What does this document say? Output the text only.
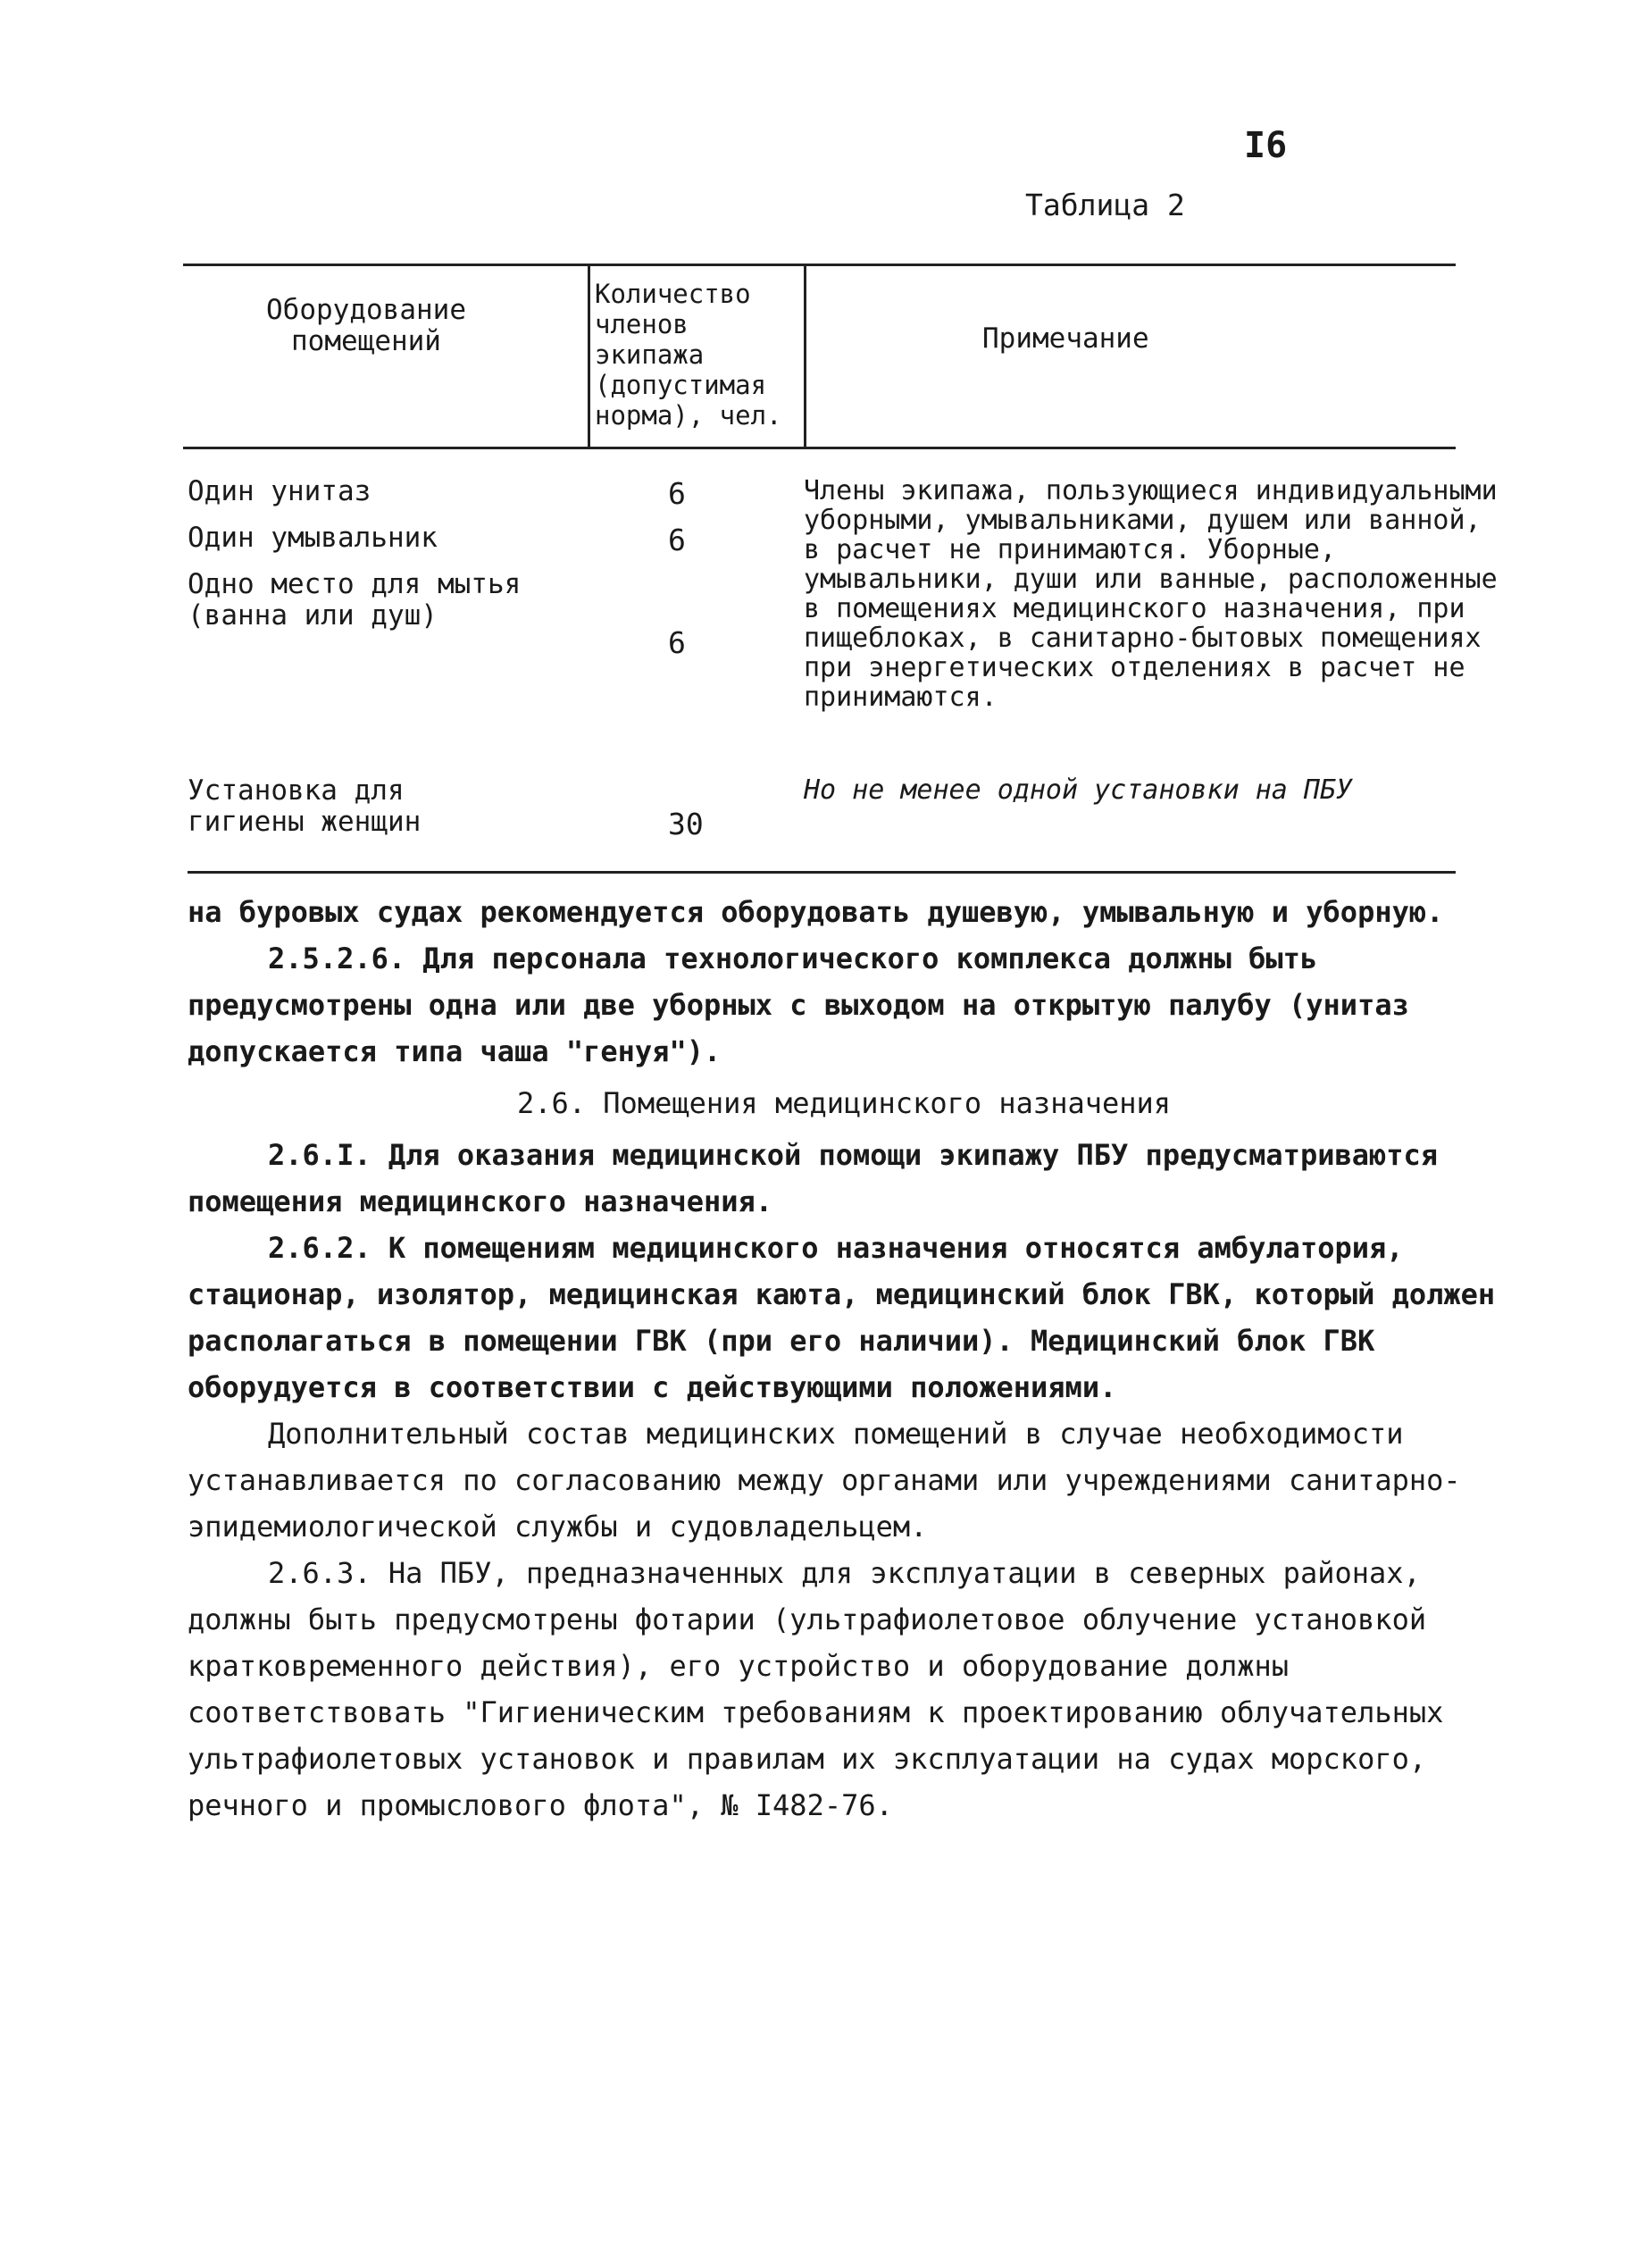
I6
Таблица 2
Оборудование помещений
Количество членов экипажа (допустимая норма), чел.
Примечание
Один унитаз
Один умывальник
Одно место для мытья (ванна или душ)
Установка для гигиены женщин
6
6
6
30
Члены экипажа, пользующиеся индивидуальными уборными, умывальниками, душем или ванной, в расчет не принимаются. Уборные, умывальники, души или ванные, расположенные в помещениях медицинского назначения, при пищеблоках, в санитарно-бытовых помещениях при энергетических отделениях в расчет не принимаются.
Но не менее одной установки на ПБУ

на буровых судах рекомендуется оборудовать душевую, умывальную и уборную.

2.5.2.6. Для персонала технологического комплекса должны быть предусмотрены одна или две уборных с выходом на открытую палубу (унитаз допускается типа чаша "генуя").

2.6. Помещения медицинского назначения

2.6.I. Для оказания медицинской помощи экипажу ПБУ предусматриваются помещения медицинского назначения.

2.6.2. К помещениям медицинского назначения относятся амбулатория, стационар, изолятор, медицинская каюта, медицинский блок ГВК, который должен располагаться в помещении ГВК (при его наличии). Медицинский блок ГВК оборудуется в соответствии с действующими положениями.

Дополнительный состав медицинских помещений в случае необходимости устанавливается по согласованию между органами или учреждениями санитарно-эпидемиологической службы и судовладельцем.

2.6.3. На ПБУ, предназначенных для эксплуатации в северных районах, должны быть предусмотрены фотарии (ультрафиолетовое облучение установкой кратковременного действия), его устройство и оборудование должны соответствовать "Гигиеническим требованиям к проектированию облучательных ультрафиолетовых установок и правилам их эксплуатации на судах морского, речного и промыслового флота", № I482-76.
